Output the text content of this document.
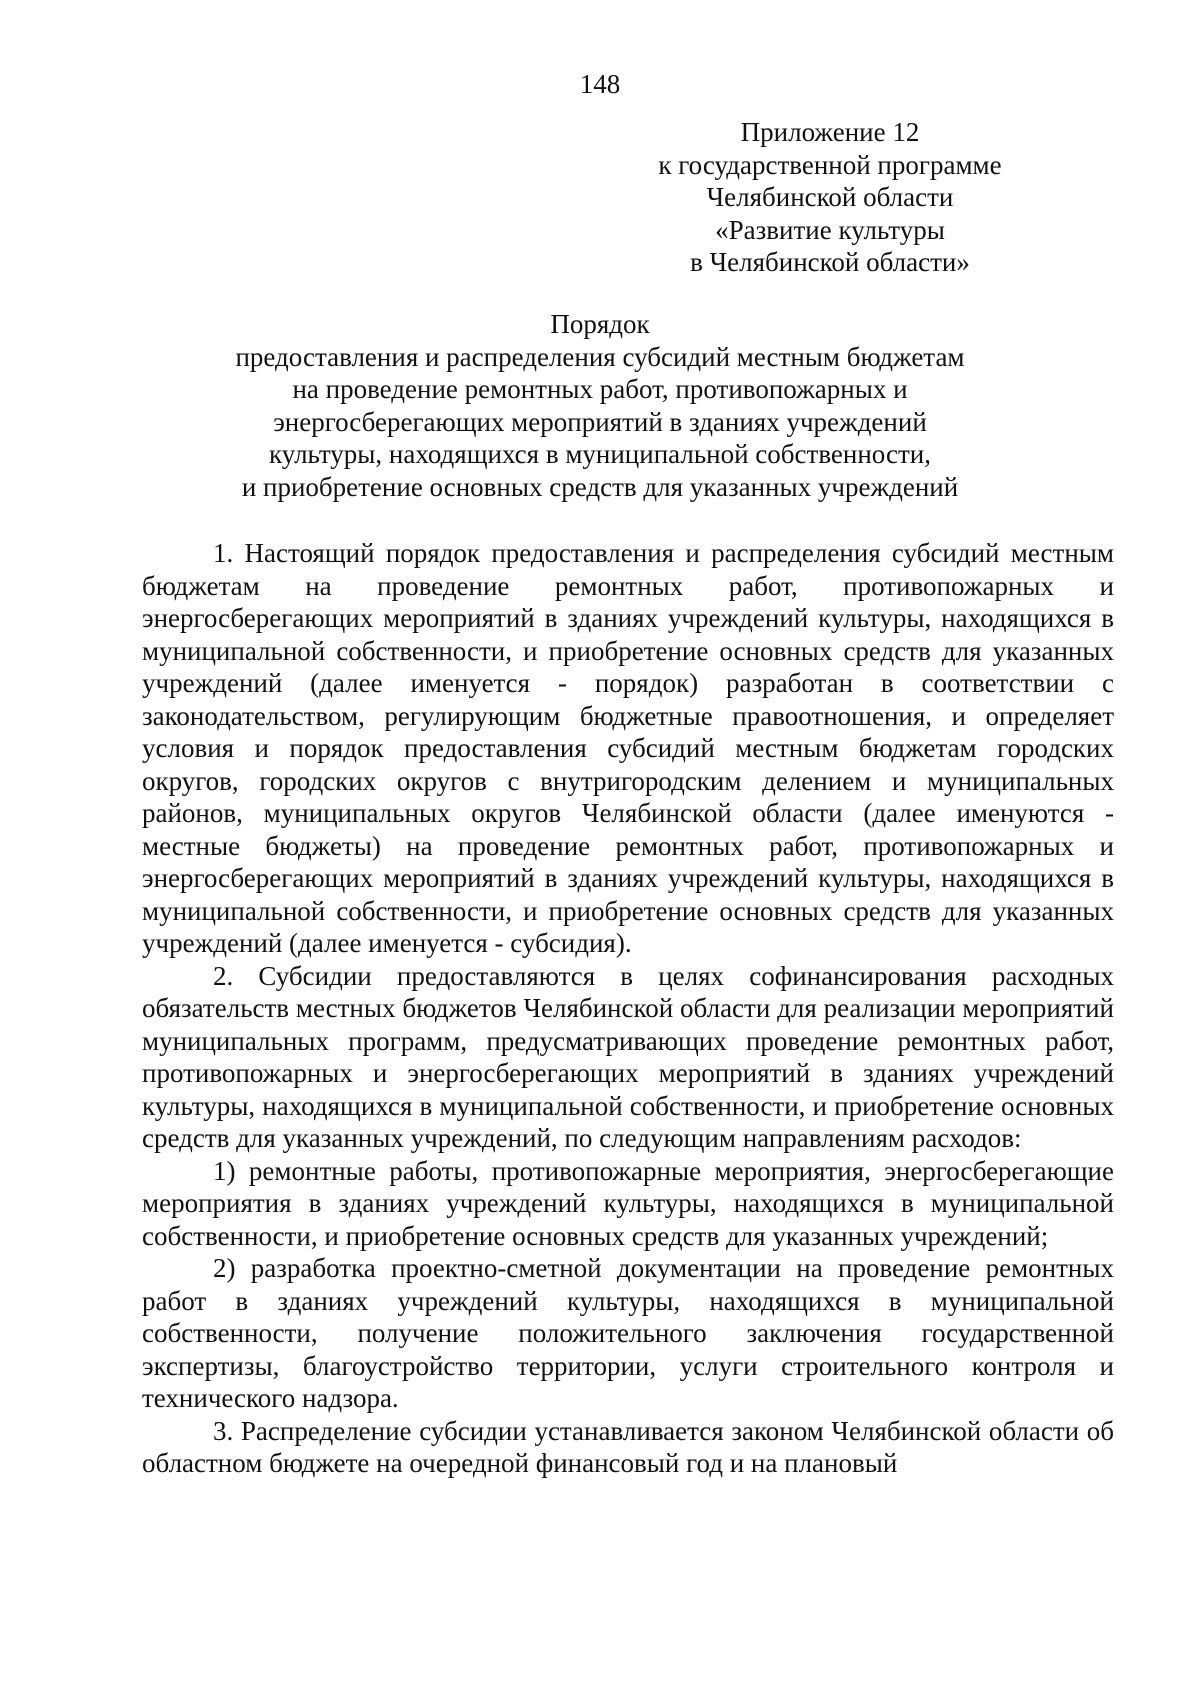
148
Приложение 12
к государственной программе
Челябинской области
«Развитие культуры
в Челябинской области»
Порядок
предоставления и распределения субсидий местным бюджетам
на проведение ремонтных работ, противопожарных и
энергосберегающих мероприятий в зданиях учреждений
культуры, находящихся в муниципальной собственности,
и приобретение основных средств для указанных учреждений

1. Настоящий порядок предоставления и распределения субсидий местным бюджетам на проведение ремонтных работ, противопожарных и энергосберегающих мероприятий в зданиях учреждений культуры, находящихся в муниципальной собственности, и приобретение основных средств для указанных учреждений (далее именуется - порядок) разработан в соответствии с законодательством, регулирующим бюджетные правоотношения, и определяет условия и порядок предоставления субсидий местным бюджетам городских округов, городских округов с внутригородским делением и муниципальных районов, муниципальных округов Челябинской области (далее именуются - местные бюджеты) на проведение ремонтных работ, противопожарных и энергосберегающих мероприятий в зданиях учреждений культуры, находящихся в муниципальной собственности, и приобретение основных средств для указанных учреждений (далее именуется - субсидия).

2. Субсидии предоставляются в целях софинансирования расходных обязательств местных бюджетов Челябинской области для реализации мероприятий муниципальных программ, предусматривающих проведение ремонтных работ, противопожарных и энергосберегающих мероприятий в зданиях учреждений культуры, находящихся в муниципальной собственности, и приобретение основных средств для указанных учреждений, по следующим направлениям расходов:

1) ремонтные работы, противопожарные мероприятия, энергосберегающие мероприятия в зданиях учреждений культуры, находящихся в муниципальной собственности, и приобретение основных средств для указанных учреждений;

2) разработка проектно-сметной документации на проведение ремонтных работ в зданиях учреждений культуры, находящихся в муниципальной собственности, получение положительного заключения государственной экспертизы, благоустройство территории, услуги строительного контроля и технического надзора.

3. Распределение субсидии устанавливается законом Челябинской области об областном бюджете на очередной финансовый год и на плановый
